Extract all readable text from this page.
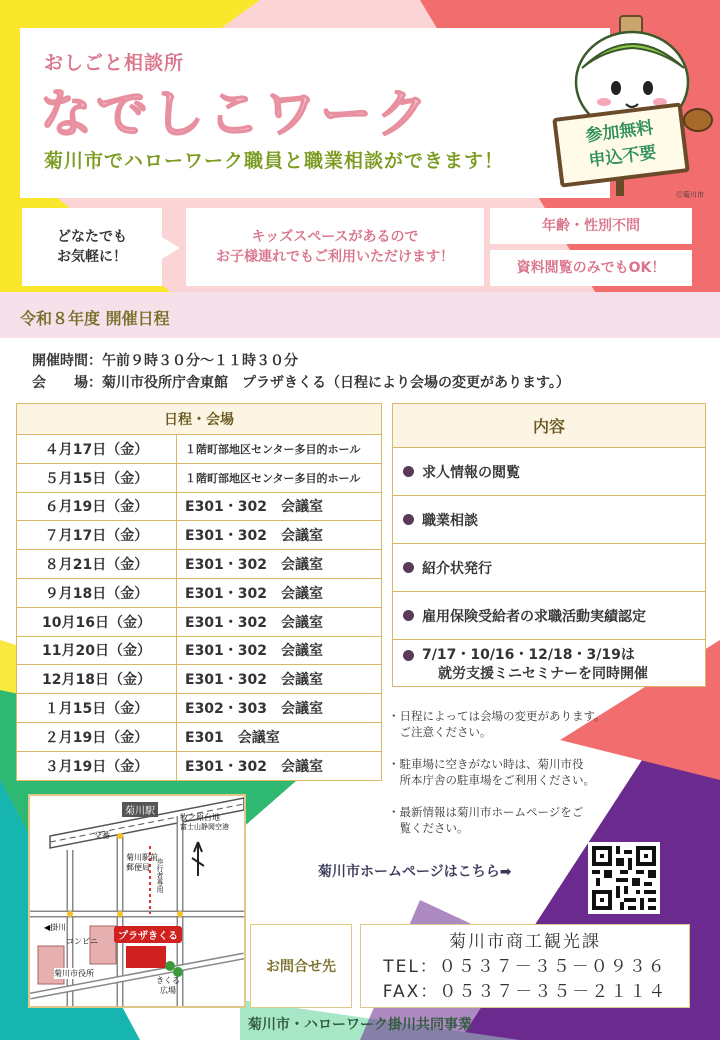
おしごと相談所
なでしこワーク
菊川市でハローワーク職員と職業相談ができます！
参加無料
申込不要
Ⓒ菊川市
どなたでも
お気軽に！
キッズスペースがあるので
お子様連れでもご利用いただけます！
年齢・性別不問
資料閲覧のみでもOK！
令和８年度 開催日程
開催時間：午前９時３０分～１１時３０分
会　　場：菊川市役所庁舎東館　プラザきくる（日程により会場の変更があります。）
日程・会場	
４月17日（金）	１階町部地区センター多目的ホール
５月15日（金）	１階町部地区センター多目的ホール
６月19日（金）	E301・302　会議室
７月17日（金）	E301・302　会議室
８月21日（金）	E301・302　会議室
９月18日（金）	E301・302　会議室
10月16日（金）	E301・302　会議室
11月20日（金）	E301・302　会議室
12月18日（金）	E301・302　会議室
１月15日（金）	E302・303　会議室
２月19日（金）	E301　会議室
３月19日（金）	E301・302　会議室
内容
求人情報の閲覧
職業相談
紹介状発行
雇用保険受給者の求職活動実績認定
7/17・10/16・12/18・3/19は
就労支援ミニセミナーを同時開催
・日程によっては会場の変更があります。
　ご注意ください。
・駐車場に空きがない時は、菊川市役
　所本庁舎の駐車場をご利用ください。
・最新情報は菊川市ホームページをご
　覧ください。
菊川市ホームページはこちら➡
菊川駅
牧之原台地
富士山静岡空港
交番
菊川駅前
郵便局 歩行者専用
◀掛川
コンビニ
菊川市役所
プラザきくる
きくる
広場
お問合せ先
菊川市商工観光課
TEL：０５３７－３５－０９３６
FAX：０５３７－３５－２１１４
菊川市・ハローワーク掛川共同事業
